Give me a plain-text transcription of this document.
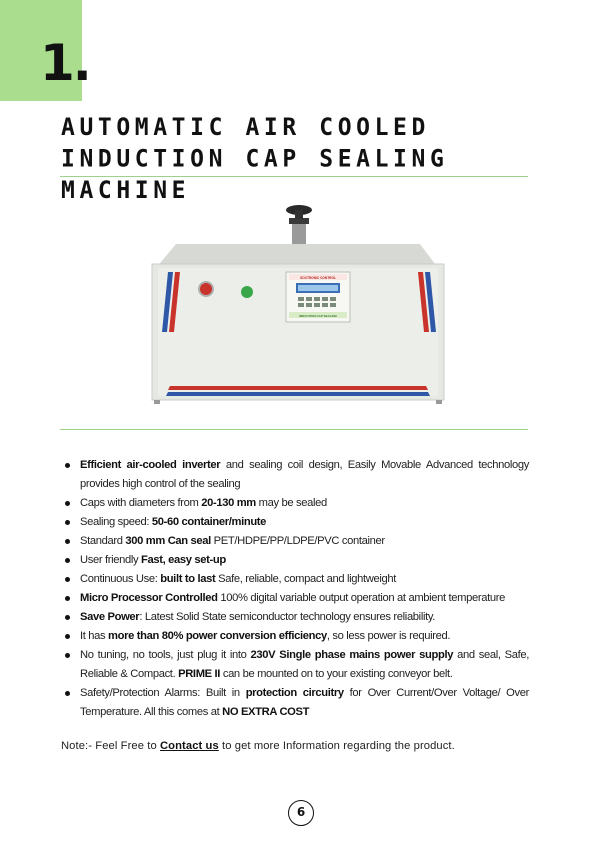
1.
AUTOMATIC AIR COOLED
INDUCTION CAP SEALING MACHINE
SOCTRONIC CONTROL
INDUCTION CAP SEALING
Efficient air-cooled inverter and sealing coil design, Easily Movable Advanced technology provides high control of the sealing
Caps with diameters from 20-130 mm may be sealed
Sealing speed: 50-60 container/minute
Standard 300 mm Can seal PET/HDPE/PP/LDPE/PVC container
User friendly Fast, easy set-up
Continuous Use: built to last Safe, reliable, compact and lightweight
Micro Processor Controlled 100% digital variable output operation at ambient temperature
Save Power: Latest Solid State semiconductor technology ensures reliability.
It has more than 80% power conversion efficiency, so less power is required.
No tuning, no tools, just plug it into 230V Single phase mains power supply and seal, Safe, Reliable & Compact. PRIME II can be mounted on to your existing conveyor belt.
Safety/Protection Alarms: Built in protection circuitry for Over Current/Over Voltage/ Over Temperature. All this comes at NO EXTRA COST
Note:- Feel Free to Contact us to get more Information regarding the product.
6
